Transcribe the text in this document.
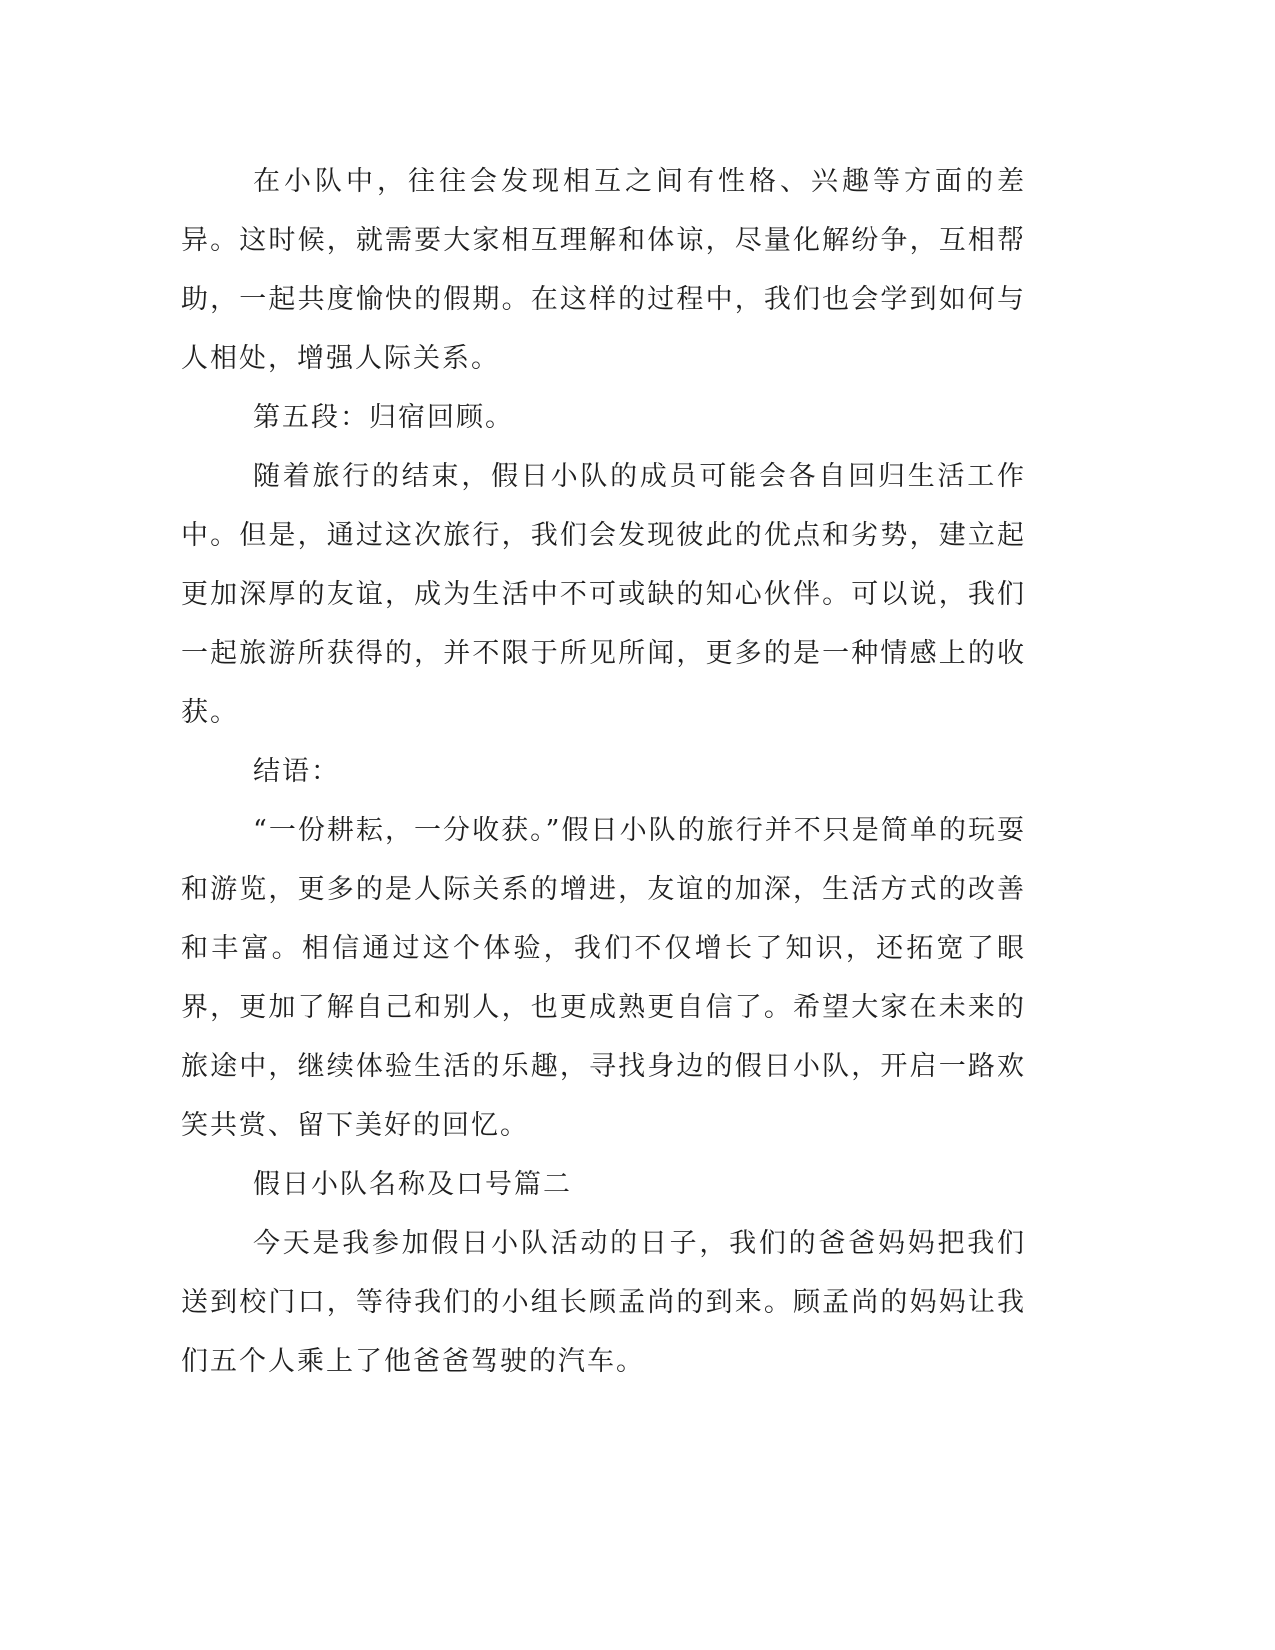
在小队中，往往会发现相互之间有性格、兴趣等方面的差异。这时候，就需要大家相互理解和体谅，尽量化解纷争，互相帮助，一起共度愉快的假期。在这样的过程中，我们也会学到如何与人相处，增强人际关系。

第五段：归宿回顾。

随着旅行的结束，假日小队的成员可能会各自回归生活工作中。但是，通过这次旅行，我们会发现彼此的优点和劣势，建立起更加深厚的友谊，成为生活中不可或缺的知心伙伴。可以说，我们一起旅游所获得的，并不限于所见所闻，更多的是一种情感上的收获。

结语：

“一份耕耘，一分收获。”假日小队的旅行并不只是简单的玩耍和游览，更多的是人际关系的增进，友谊的加深，生活方式的改善和丰富。相信通过这个体验，我们不仅增长了知识，还拓宽了眼界，更加了解自己和别人，也更成熟更自信了。希望大家在未来的旅途中，继续体验生活的乐趣，寻找身边的假日小队，开启一路欢笑共赏、留下美好的回忆。

假日小队名称及口号篇二

今天是我参加假日小队活动的日子，我们的爸爸妈妈把我们送到校门口，等待我们的小组长顾孟尚的到来。顾孟尚的妈妈让我们五个人乘上了他爸爸驾驶的汽车。
